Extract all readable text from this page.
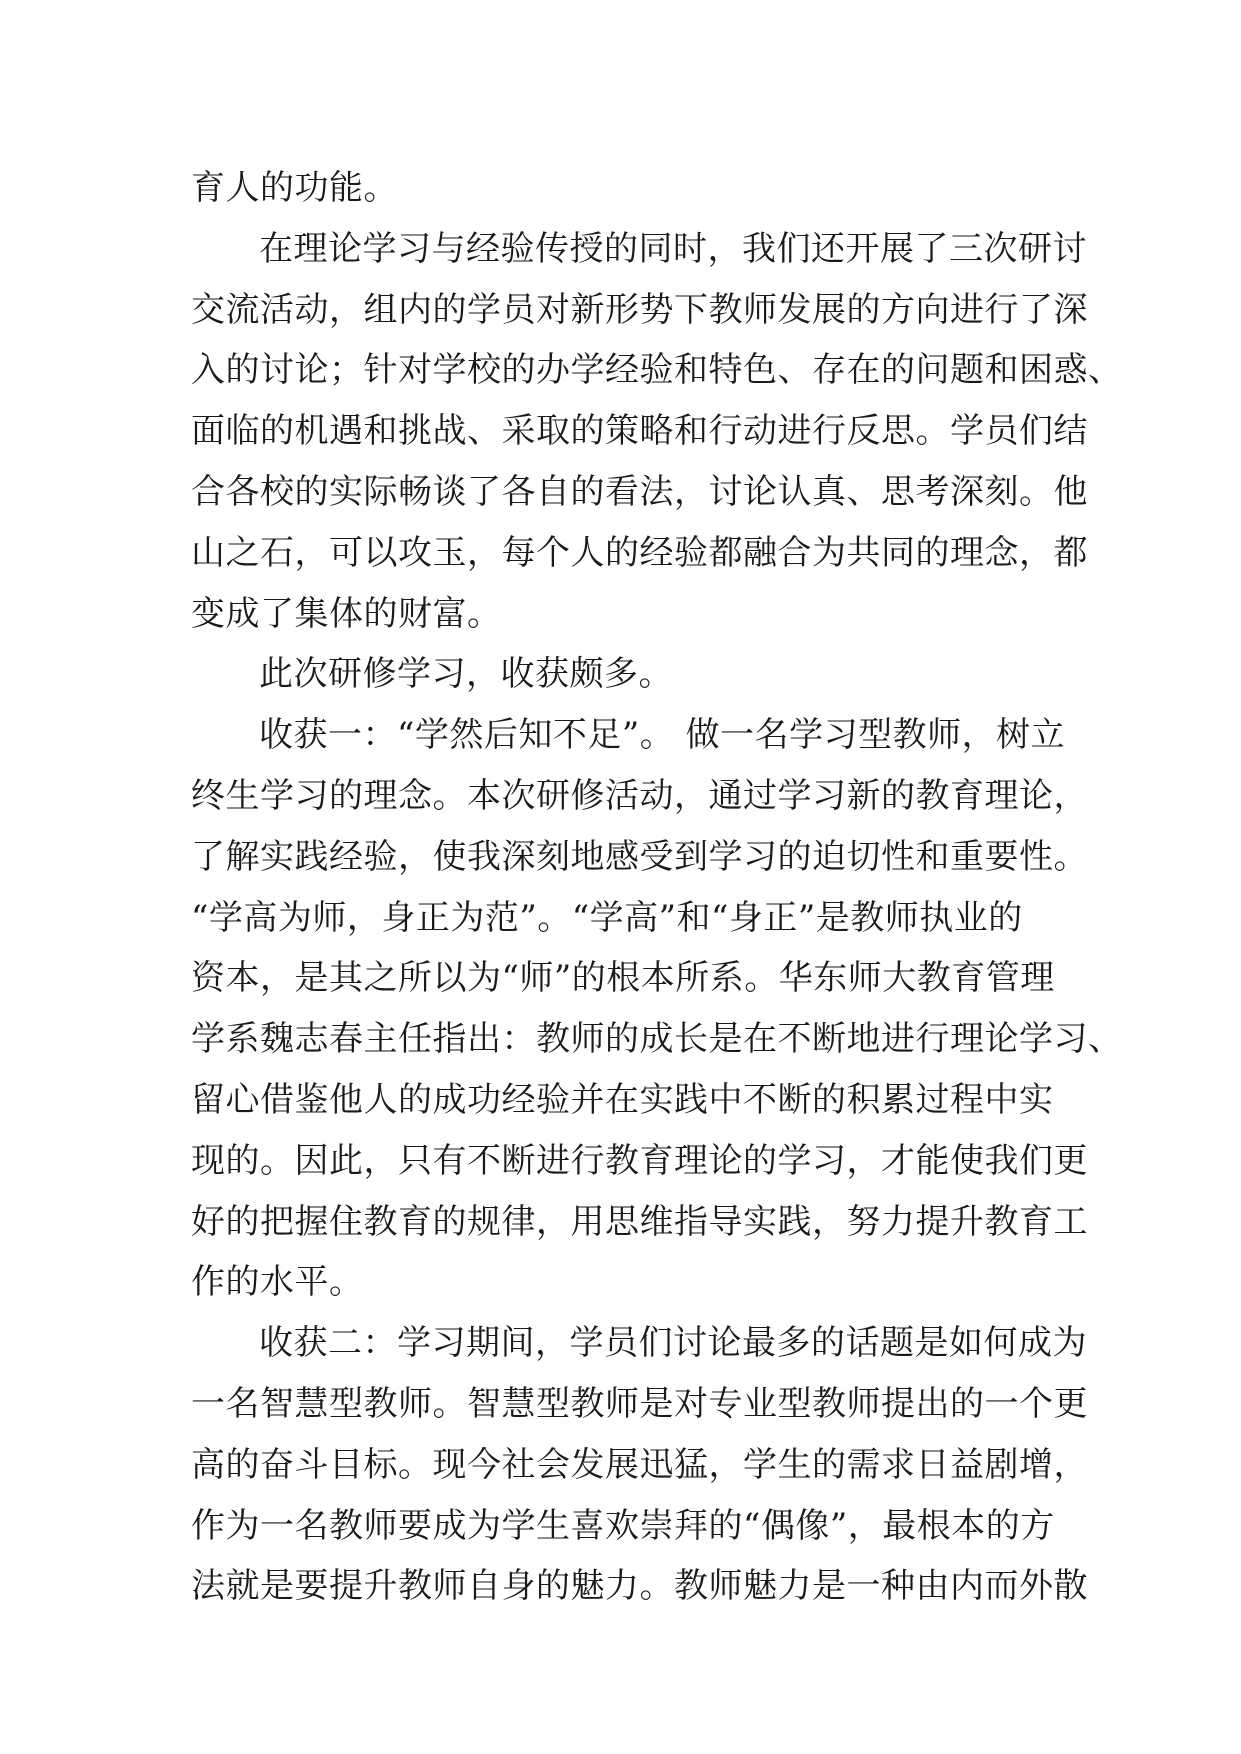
育人的功能。
在理论学习与经验传授的同时，我们还开展了三次研讨
交流活动，组内的学员对新形势下教师发展的方向进行了深
入的讨论；针对学校的办学经验和特色、存在的问题和困惑、
面临的机遇和挑战、采取的策略和行动进行反思。学员们结
合各校的实际畅谈了各自的看法，讨论认真、思考深刻。他
山之石，可以攻玉，每个人的经验都融合为共同的理念，都
变成了集体的财富。
此次研修学习，收获颇多。
收获一：“学然后知不足”。 做一名学习型教师，树立
终生学习的理念。本次研修活动，通过学习新的教育理论，
了解实践经验，使我深刻地感受到学习的迫切性和重要性。
“学高为师，身正为范”。“学高”和“身正”是教师执业的
资本，是其之所以为“师”的根本所系。华东师大教育管理
学系魏志春主任指出：教师的成长是在不断地进行理论学习、
留心借鉴他人的成功经验并在实践中不断的积累过程中实
现的。因此，只有不断进行教育理论的学习，才能使我们更
好的把握住教育的规律，用思维指导实践，努力提升教育工
作的水平。
收获二：学习期间，学员们讨论最多的话题是如何成为
一名智慧型教师。智慧型教师是对专业型教师提出的一个更
高的奋斗目标。现今社会发展迅猛，学生的需求日益剧增，
作为一名教师要成为学生喜欢崇拜的“偶像”，最根本的方
法就是要提升教师自身的魅力。教师魅力是一种由内而外散
